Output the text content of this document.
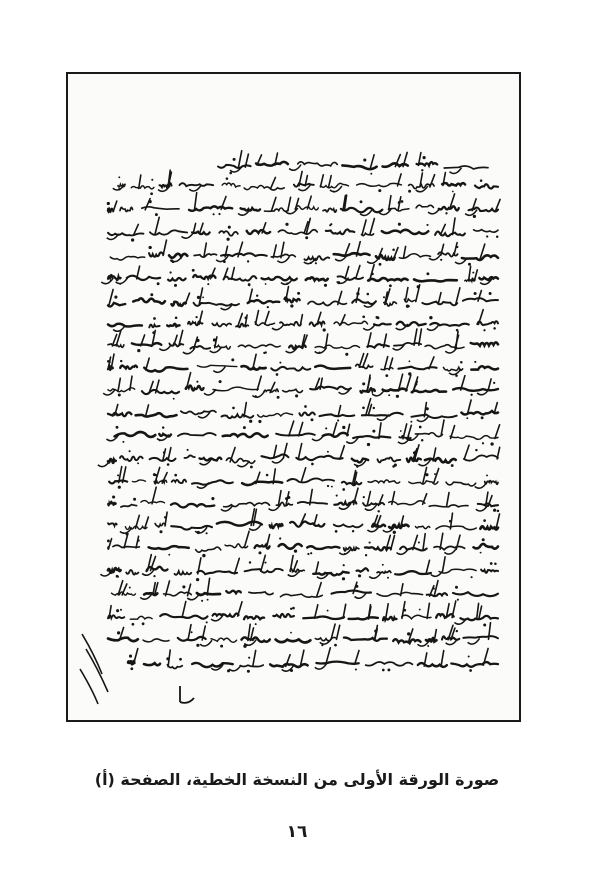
صورة الورقة الأولى من النسخة الخطية، الصفحة (أ)
١٦
